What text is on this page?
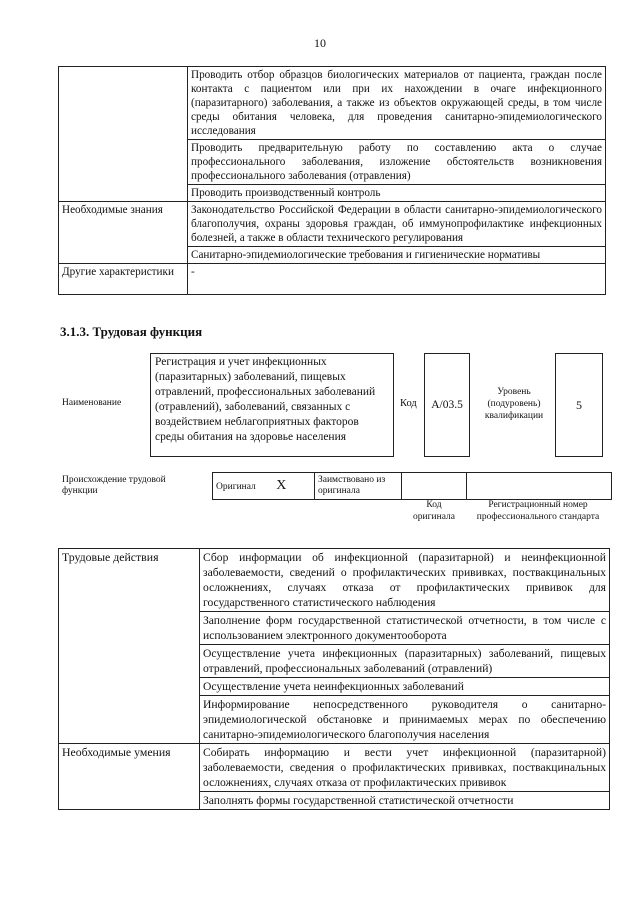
10
	Проводить отбор образцов биологических материалов от пациента, граждан после контакта с пациентом или при их нахождении в очаге инфекционного (паразитарного) заболевания, а также из объектов окружающей среды, в том числе среды обитания человека, для проведения санитарно-эпидемиологического исследования
	Проводить предварительную работу по составлению акта о случае профессионального заболевания, изложение обстоятельств возникновения профессионального заболевания (отравления)
	Проводить производственный контроль
Необходимые знания	Законодательство Российской Федерации в области санитарно-эпидемиологического благополучия, охраны здоровья граждан, об иммунопрофилактике инфекционных болезней, а также в области технического регулирования
	Санитарно-эпидемиологические требования и гигиенические нормативы
Другие характеристики	-
3.1.3. Трудовая функция
Наименование
Регистрация и учет инфекционных (паразитарных) заболеваний, пищевых отравлений, профессиональных заболеваний (отравлений), заболеваний, связанных с воздействием неблагоприятных факторов среды обитания на здоровье населения
Код	A/03.5
Уровень (подуровень) квалификации
5
Происхождение трудовой функции	Оригинал X	Заимствовано из оригинала		
Код оригинала
Регистрационный номер профессионального стандарта
Трудовые действия	Сбор информации об инфекционной (паразитарной) и неинфекционной заболеваемости, сведений о профилактических прививках, поствакцинальных осложнениях, случаях отказа от профилактических прививок для государственного статистического наблюдения
	Заполнение форм государственной статистической отчетности, в том числе с использованием электронного документооборота
	Осуществление учета инфекционных (паразитарных) заболеваний, пищевых отравлений, профессиональных заболеваний (отравлений)
	Осуществление учета неинфекционных заболеваний
	Информирование непосредственного руководителя о санитарно-эпидемиологической обстановке и принимаемых мерах по обеспечению санитарно-эпидемиологического благополучия населения
Необходимые умения	Собирать информацию и вести учет инфекционной (паразитарной) заболеваемости, сведения о профилактических прививках, поствакцинальных осложнениях, случаях отказа от профилактических прививок
	Заполнять формы государственной статистической отчетности
